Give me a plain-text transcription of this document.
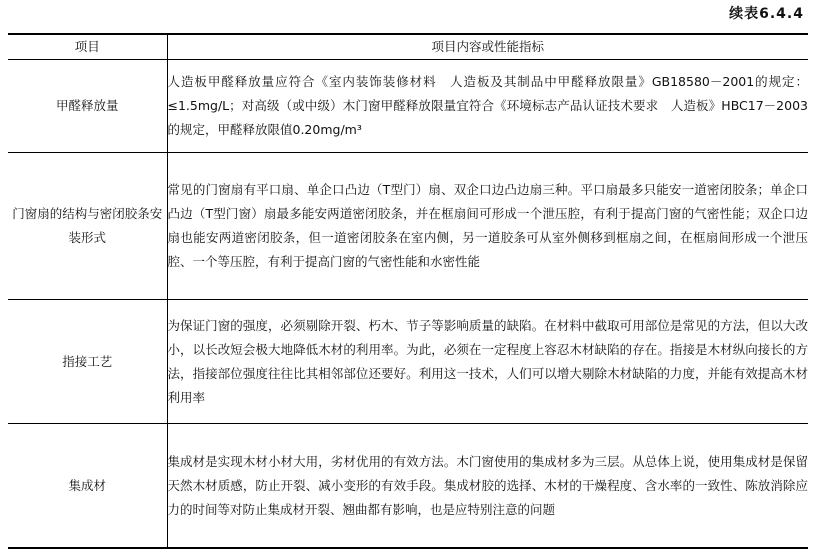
续表6.4.4
项目	项目内容或性能指标
甲醛释放量	人造板甲醛释放量应符合《室内装饰装修材料　人造板及其制品中甲醛释放限量》GB18580－2001的规定：≤1.5mg/L；对高级（或中级）木门窗甲醛释放限量宜符合《环境标志产品认证技术要求　人造板》HBC17－2003的规定，甲醛释放限值0.20mg/m³
门窗扇的结构与密闭胶条安装形式	常见的门窗扇有平口扇、单企口凸边（T型门）扇、双企口边凸边扇三种。平口扇最多只能安一道密闭胶条；单企口凸边（T型门窗）扇最多能安两道密闭胶条，并在框扇间可形成一个泄压腔，有利于提高门窗的气密性能；双企口边扇也能安两道密闭胶条，但一道密闭胶条在室内侧，另一道胶条可从室外侧移到框扇之间，在框扇间形成一个泄压腔、一个等压腔，有利于提高门窗的气密性能和水密性能
指接工艺	为保证门窗的强度，必须剔除开裂、朽木、节子等影响质量的缺陷。在材料中截取可用部位是常见的方法，但以大改小，以长改短会极大地降低木材的利用率。为此，必须在一定程度上容忍木材缺陷的存在。指接是木材纵向接长的方法，指接部位强度往往比其相邻部位还要好。利用这一技术，人们可以增大剔除木材缺陷的力度，并能有效提高木材利用率
集成材	集成材是实现木材小材大用，劣材优用的有效方法。木门窗使用的集成材多为三层。从总体上说，使用集成材是保留天然木材质感，防止开裂、减小变形的有效手段。集成材胶的选择、木材的干燥程度、含水率的一致性、陈放消除应力的时间等对防止集成材开裂、翘曲都有影响，也是应特别注意的问题
